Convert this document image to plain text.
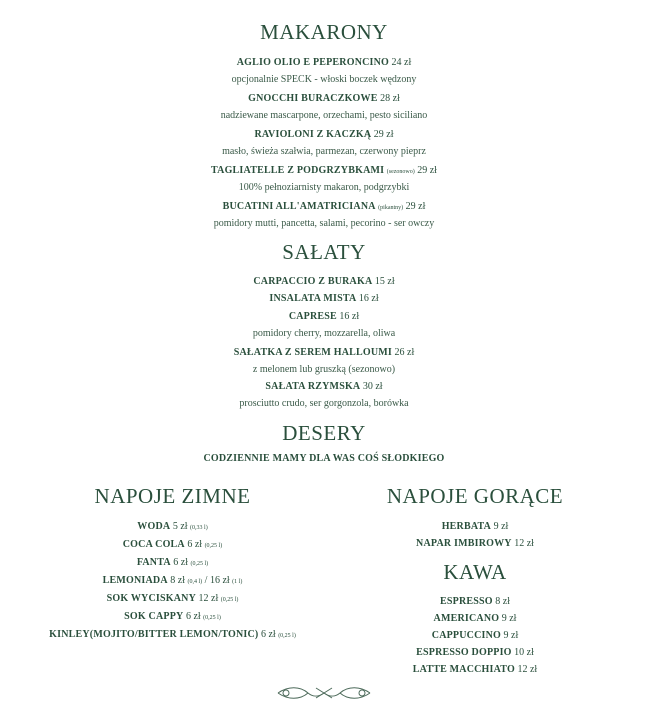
MAKARONY
AGLIO OLIO E PEPERONCINO 24 zł
opcjonalnie SPECK - włoski boczek wędzony
GNOCCHI BURACZKOWE 28 zł
nadziewane mascarpone, orzechami, pesto siciliano
RAVIOLONI Z KACZKĄ 29 zł
masło, świeża szałwia, parmezan, czerwony pieprz
TAGLIATELLE Z PODGRZYBKAMI (sezonowo) 29 zł
100% pełnoziarnisty makaron, podgrzybki
BUCATINI ALL'AMATRICIANA (pikantny) 29 zł
pomidory mutti, pancetta, salami, pecorino - ser owczy
SAŁATY
CARPACCIO Z BURAKA 15 zł
INSALATA MISTA 16 zł
CAPRESE 16 zł
pomidory cherry, mozzarella, oliwa
SAŁATKA Z SEREM HALLOUMI 26 zł
z melonem lub gruszką (sezonowo)
SAŁATA RZYMSKA 30 zł
prosciutto crudo, ser gorgonzola, borówka
DESERY
CODZIENNIE MAMY DLA WAS COŚ SŁODKIEGO
NAPOJE ZIMNE
WODA 5 zł (0,33 l)
COCA COLA 6 zł (0,25 l)
FANTA 6 zł (0,25 l)
LEMONIADA 8 zł (0,4 l) / 16 zł (1 l)
SOK WYCISKANY 12 zł (0,25 l)
SOK CAPPY 6 zł (0,25 l)
KINLEY(MOJITO/BITTER LEMON/TONIC) 6 zł (0,25 l)
NAPOJE GORĄCE
HERBATA 9 zł
NAPAR IMBIROWY 12 zł
KAWA
ESPRESSO 8 zł
AMERICANO 9 zł
CAPPUCCINO 9 zł
ESPRESSO DOPPIO 10 zł
LATTE MACCHIATO 12 zł
